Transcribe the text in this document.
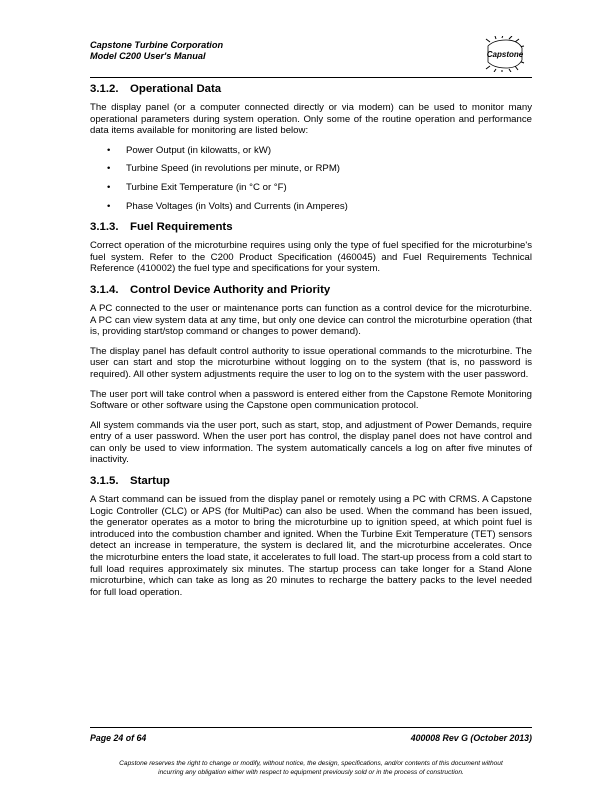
Capstone Turbine Corporation
Model C200 User's Manual	Capstone
3.1.2. Operational Data

The display panel (or a computer connected directly or via modem) can be used to monitor many operational parameters during system operation. Only some of the routine operation and performance data items available for monitoring are listed below:

• Power Output (in kilowatts, or kW)
• Turbine Speed (in revolutions per minute, or RPM)
• Turbine Exit Temperature (in °C or °F)
• Phase Voltages (in Volts) and Currents (in Amperes)
3.1.3. Fuel Requirements

Correct operation of the microturbine requires using only the type of fuel specified for the microturbine's fuel system. Refer to the C200 Product Specification (460045) and Fuel Requirements Technical Reference (410002) the fuel type and specifications for your system.

3.1.4. Control Device Authority and Priority

A PC connected to the user or maintenance ports can function as a control device for the microturbine. A PC can view system data at any time, but only one device can control the microturbine operation (that is, providing start/stop command or changes to power demand).

The display panel has default control authority to issue operational commands to the microturbine. The user can start and stop the microturbine without logging on to the system (that is, no password is required). All other system adjustments require the user to log on to the system with the user password.

The user port will take control when a password is entered either from the Capstone Remote Monitoring Software or other software using the Capstone open communication protocol.

All system commands via the user port, such as start, stop, and adjustment of Power Demands, require entry of a user password. When the user port has control, the display panel does not have control and can only be used to view information. The system automatically cancels a log on after five minutes of inactivity.

3.1.5. Startup

A Start command can be issued from the display panel or remotely using a PC with CRMS. A Capstone Logic Controller (CLC) or APS (for MultiPac) can also be used. When the command has been issued, the generator operates as a motor to bring the microturbine up to ignition speed, at which point fuel is introduced into the combustion chamber and ignited. When the Turbine Exit Temperature (TET) sensors detect an increase in temperature, the system is declared lit, and the microturbine accelerates. Once the microturbine enters the load state, it accelerates to full load. The start-up process from a cold start to full load requires approximately six minutes. The startup process can take longer for a Stand Alone microturbine, which can take as long as 20 minutes to recharge the battery packs to the level needed for full load operation.

Page 24 of 64	400008 Rev G (October 2013)
Capstone reserves the right to change or modify, without notice, the design, specifications, and/or contents of this document without
incurring any obligation either with respect to equipment previously sold or in the process of construction.
